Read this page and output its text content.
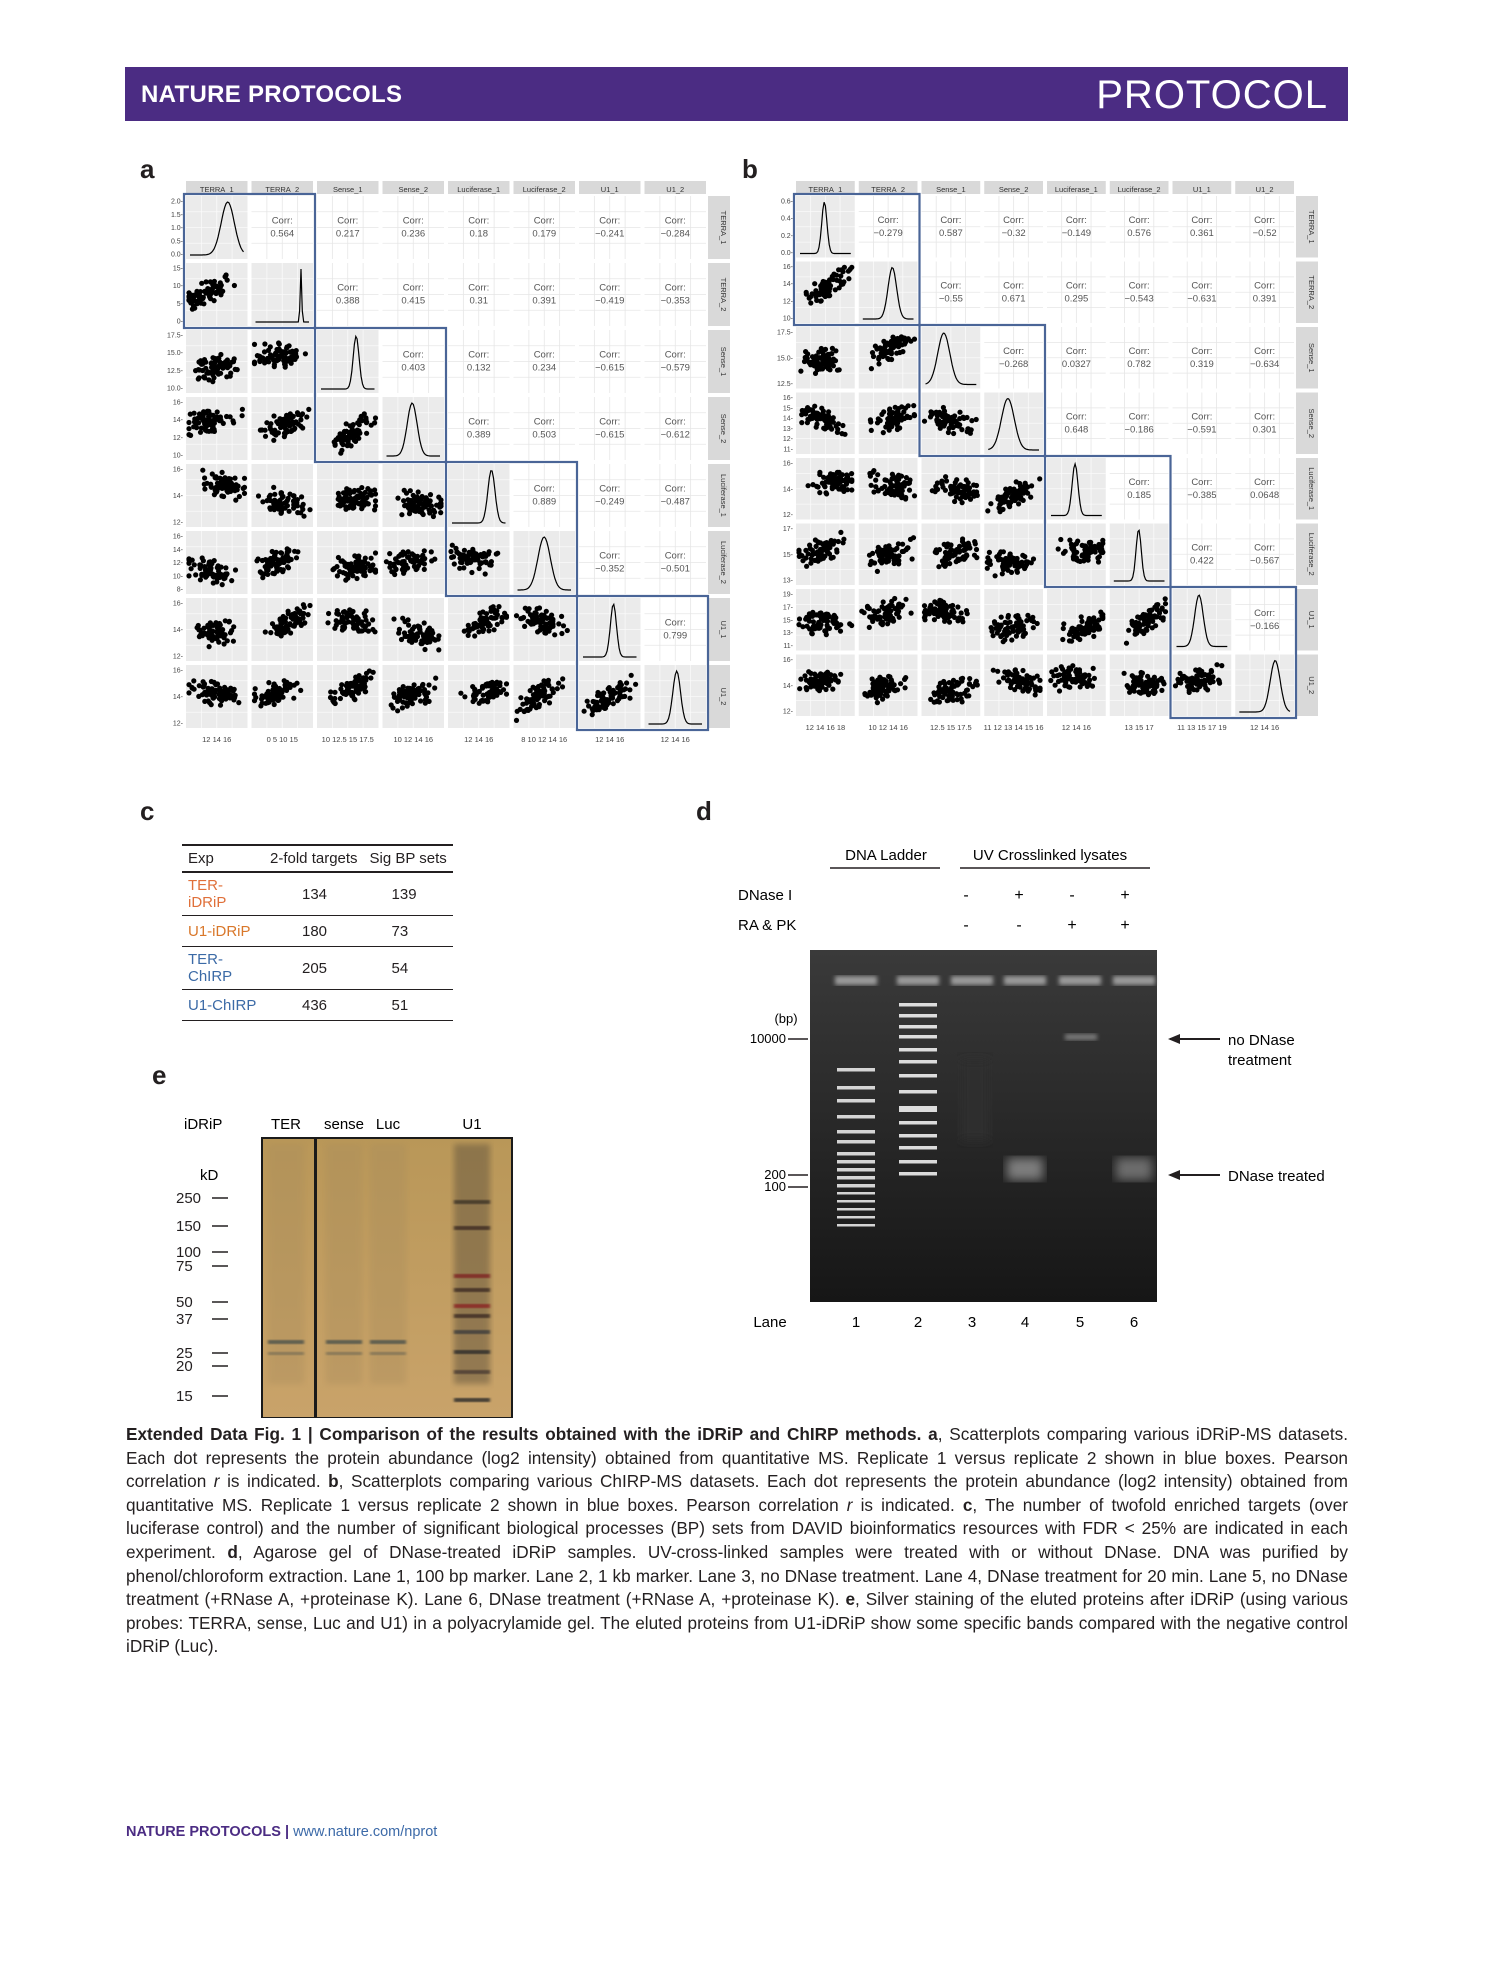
NATURE PROTOCOLS	PROTOCOL
a	b
c	d
e
TERRA_1	TERRA_2	Sense_1	Sense_2	Luciferase_1	Luciferase_2	U1_1	U1_2
TERRA_1
TERRA_2
Sense_1
Sense_2
Luciferase_1
Luciferase_2
U1_1
U1_2
Corr:
0.564
Corr:
0.217
Corr:
0.236
Corr:
0.18
Corr:
0.179
Corr:
−0.241
Corr:
−0.284
Corr:
0.388
Corr:
0.415
Corr:
0.31
Corr:
0.391
Corr:
−0.419
Corr:
−0.353
Corr:
0.403
Corr:
0.132
Corr:
0.234
Corr:
−0.615
Corr:
−0.579
Corr:
0.389
Corr:
0.503
Corr:
−0.615
Corr:
−0.612
Corr:
0.889
Corr:
−0.249
Corr:
−0.487
Corr:
−0.352
Corr:
−0.501
Corr:
0.799
2.0-
1.5-
1.0-
0.5-
0.0-
15-
10-
5-
0-
17.5-
15.0-
12.5-
10.0-
16-
14-
12-
10-
16-
14-
12-
16-
14-
12-
10-
8-
16-
14-
12-
16-
14-
12-
12 14 16	0 5 10 15	10 12.5 15 17.5	10 12 14 16	12 14 16	8 10 12 14 16	12 14 16	12 14 16
TERRA_1	TERRA_2	Sense_1	Sense_2	Luciferase_1	Luciferase_2	U1_1	U1_2
TERRA_1
TERRA_2
Sense_1
Sense_2
Luciferase_1
Luciferase_2
U1_1
U1_2
Corr:
−0.279
Corr:
0.587
Corr:
−0.32
Corr:
−0.149
Corr:
0.576
Corr:
0.361
Corr:
−0.52
Corr:
−0.55
Corr:
0.671
Corr:
0.295
Corr:
−0.543
Corr:
−0.631
Corr:
0.391
Corr:
−0.268
Corr:
0.0327
Corr:
0.782
Corr:
0.319
Corr:
−0.634
Corr:
0.648
Corr:
−0.186
Corr:
−0.591
Corr:
0.301
Corr:
0.185
Corr:
−0.385
Corr:
0.0648
Corr:
0.422
Corr:
−0.567
Corr:
−0.166
0.6-
0.4-
0.2-
0.0-
16-
14-
12-
10-
17.5-
15.0-
12.5-
16-
15-
14-
13-
12-
11-
16-
14-
12-
17-
15-
13-
19-
17-
15-
13-
11-
16-
14-
12-
12 14 16 18	10 12 14 16	12.5 15 17.5 11 12 13 14 15 16 12 14 16	13 15 17	11 13 15 17 19	12 14 16
Exp	2-fold targets	Sig BP sets
TER-iDRiP	134	139
U1-iDRiP	180	73
TER-ChIRP	205	54
U1-ChIRP	436	51
DNA Ladder	UV Crosslinked lysates
DNase I	-	+	-	+
RA & PK	-	-	+	+
(bp)
10000
200
100
no DNase
treatment
DNase treated
Lane	1	2	3	4	5	6
iDRiP	TER sense Luc	U1
kD
250
150
100
75
50
37
25
20
15
Extended Data Fig. 1 | Comparison of the results obtained with the iDRiP and ChIRP methods. a, Scatterplots comparing various iDRiP-MS datasets. Each dot represents the protein abundance (log2 intensity) obtained from quantitative MS. Replicate 1 versus replicate 2 shown in blue boxes. Pearson correlation r is indicated. b, Scatterplots comparing various ChIRP-MS datasets. Each dot represents the protein abundance (log2 intensity) obtained from quantitative MS. Replicate 1 versus replicate 2 shown in blue boxes. Pearson correlation r is indicated. c, The number of twofold enriched targets (over luciferase control) and the number of significant biological processes (BP) sets from DAVID bioinformatics resources with FDR < 25% are indicated in each experiment. d, Agarose gel of DNase-treated iDRiP samples. UV-cross-linked samples were treated with or without DNase. DNA was purified by phenol/chloroform extraction. Lane 1, 100 bp marker. Lane 2, 1 kb marker. Lane 3, no DNase treatment. Lane 4, DNase treatment for 20 min. Lane 5, no DNase treatment (+RNase A, +proteinase K). Lane 6, DNase treatment (+RNase A, +proteinase K). e, Silver staining of the eluted proteins after iDRiP (using various probes: TERRA, sense, Luc and U1) in a polyacrylamide gel. The eluted proteins from U1-iDRiP show some specific bands compared with the negative control iDRiP (Luc).
NATURE PROTOCOLS | www.nature.com/nprot
